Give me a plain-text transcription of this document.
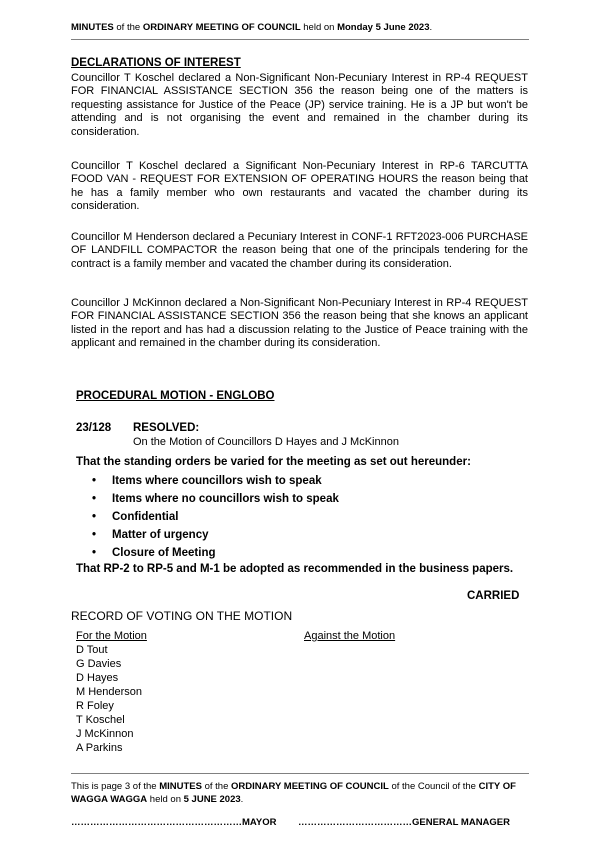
MINUTES of the ORDINARY MEETING OF COUNCIL held on Monday 5 June 2023.
DECLARATIONS OF INTEREST
Councillor T Koschel declared a Non-Significant Non-Pecuniary Interest in RP-4 REQUEST FOR FINANCIAL ASSISTANCE SECTION 356 the reason being one of the matters is requesting assistance for Justice of the Peace (JP) service training. He is a JP but won't be attending and is not organising the event and remained in the chamber during its consideration.
Councillor T Koschel declared a Significant Non-Pecuniary Interest in RP-6 TARCUTTA FOOD VAN - REQUEST FOR EXTENSION OF OPERATING HOURS the reason being that he has a family member who own restaurants and vacated the chamber during its consideration.
Councillor M Henderson declared a Pecuniary Interest in CONF-1 RFT2023-006 PURCHASE OF LANDFILL COMPACTOR the reason being that one of the principals tendering for the contract is a family member and vacated the chamber during its consideration.
Councillor J McKinnon declared a Non-Significant Non-Pecuniary Interest in RP-4 REQUEST FOR FINANCIAL ASSISTANCE SECTION 356 the reason being that she knows an applicant listed in the report and has had a discussion relating to the Justice of Peace training with the applicant and remained in the chamber during its consideration.
PROCEDURAL MOTION - ENGLOBO
23/128 RESOLVED:
On the Motion of Councillors D Hayes and J McKinnon
That the standing orders be varied for the meeting as set out hereunder:
• Items where councillors wish to speak
• Items where no councillors wish to speak
• Confidential
• Matter of urgency
• Closure of Meeting
That RP-2 to RP-5 and M-1 be adopted as recommended in the business papers.
CARRIED
RECORD OF VOTING ON THE MOTION
For the Motion	Against the Motion
D Tout
G Davies
D Hayes
M Henderson
R Foley
T Koschel
J McKinnon
A Parkins
This is page 3 of the MINUTES of the ORDINARY MEETING OF COUNCIL of the Council of the CITY OF WAGGA WAGGA held on 5 JUNE 2023.
………………………………………………MAYOR ………………………………GENERAL MANAGER
